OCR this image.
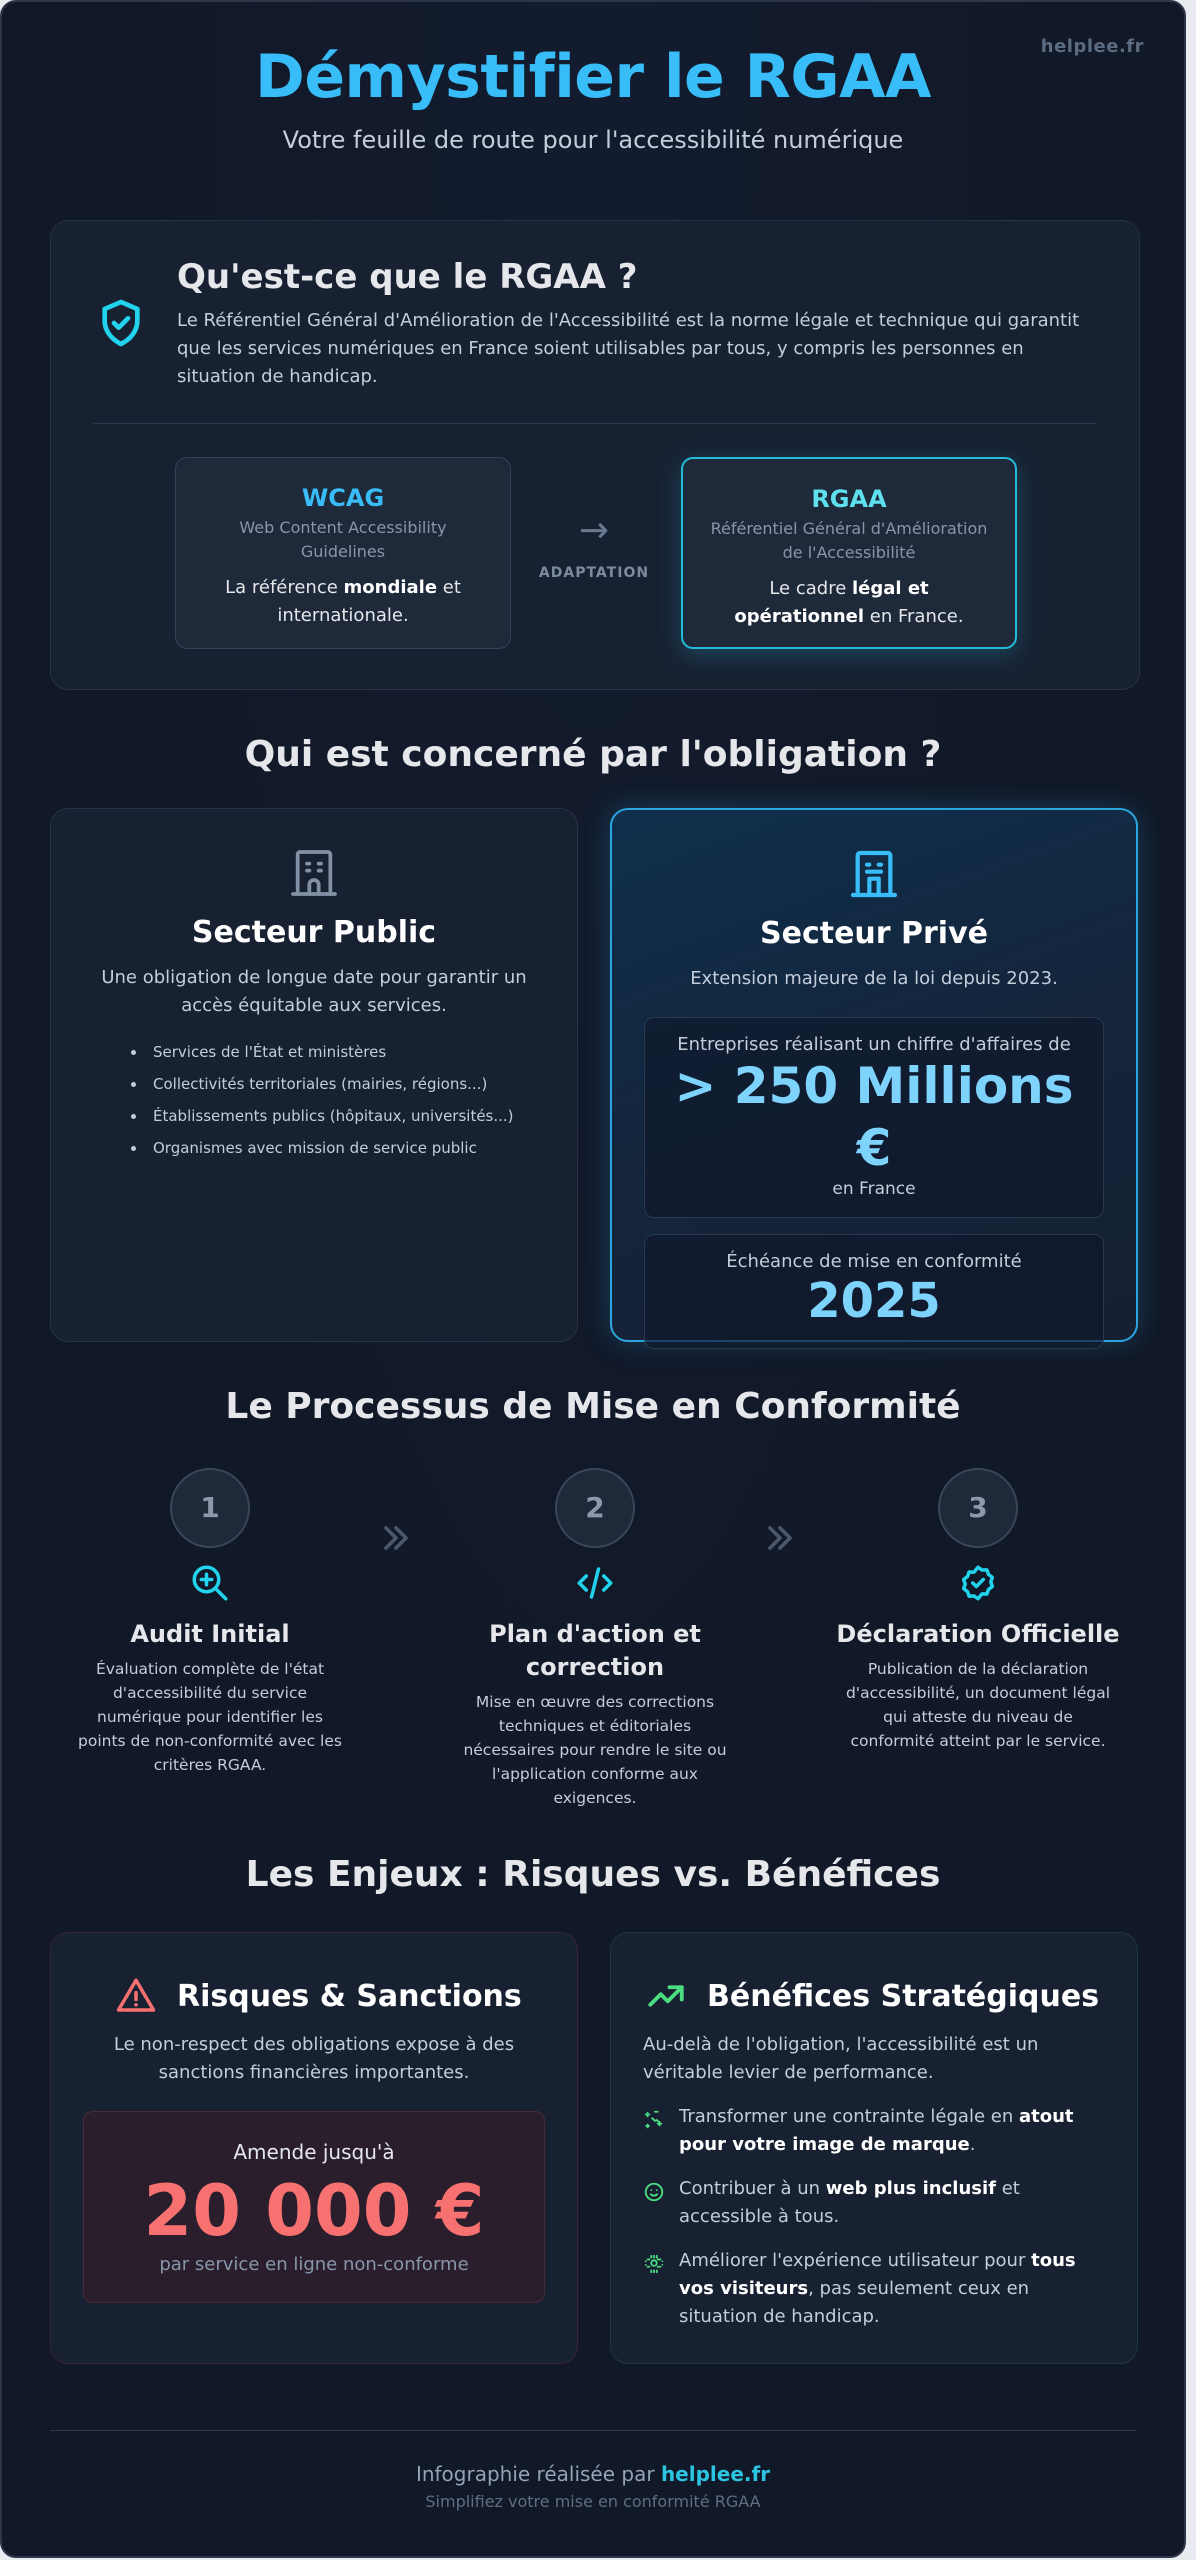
helplee.fr
Démystifier le RGAA
Votre feuille de route pour l'accessibilité numérique
Qu'est-ce que le RGAA ?

Le Référentiel Général d'Amélioration de l'Accessibilité est la norme légale et technique qui garantit que les services numériques en France soient utilisables par tous, y compris les personnes en situation de handicap.

WCAG
Web Content Accessibility Guidelines
La référence mondiale et internationale.
→
ADAPTATION
RGAA
Référentiel Général d'Amélioration de l'Accessibilité
Le cadre légal et opérationnel en France.
Qui est concerné par l'obligation ?
Secteur Public
Une obligation de longue date pour garantir un accès équitable aux services.
Services de l'État et ministères
Collectivités territoriales (mairies, régions...)
Établissements publics (hôpitaux, universités...)
Organismes avec mission de service public
Secteur Privé
Extension majeure de la loi depuis 2023.
Entreprises réalisant un chiffre d'affaires de
> 250 Millions €
en France
Échéance de mise en conformité
2025
Le Processus de Mise en Conformité
1
Audit Initial

Évaluation complète de l'état d'accessibilité du service numérique pour identifier les points de non-conformité avec les critères RGAA.

2
Plan d'action et correction

Mise en œuvre des corrections techniques et éditoriales nécessaires pour rendre le site ou l'application conforme aux exigences.

3
Déclaration Officielle

Publication de la déclaration d'accessibilité, un document légal qui atteste du niveau de conformité atteint par le service.

Les Enjeux : Risques vs. Bénéfices
Risques & Sanctions
Le non-respect des obligations expose à des sanctions financières importantes.
Amende jusqu'à
20 000 €
par service en ligne non-conforme
Bénéfices Stratégiques
Au-delà de l'obligation, l'accessibilité est un véritable levier de performance.
Transformer une contrainte légale en atout pour votre image de marque.
Contribuer à un web plus inclusif et accessible à tous.
Améliorer l'expérience utilisateur pour tous vos visiteurs, pas seulement ceux en situation de handicap.
Infographie réalisée par helplee.fr
Simplifiez votre mise en conformité RGAA
